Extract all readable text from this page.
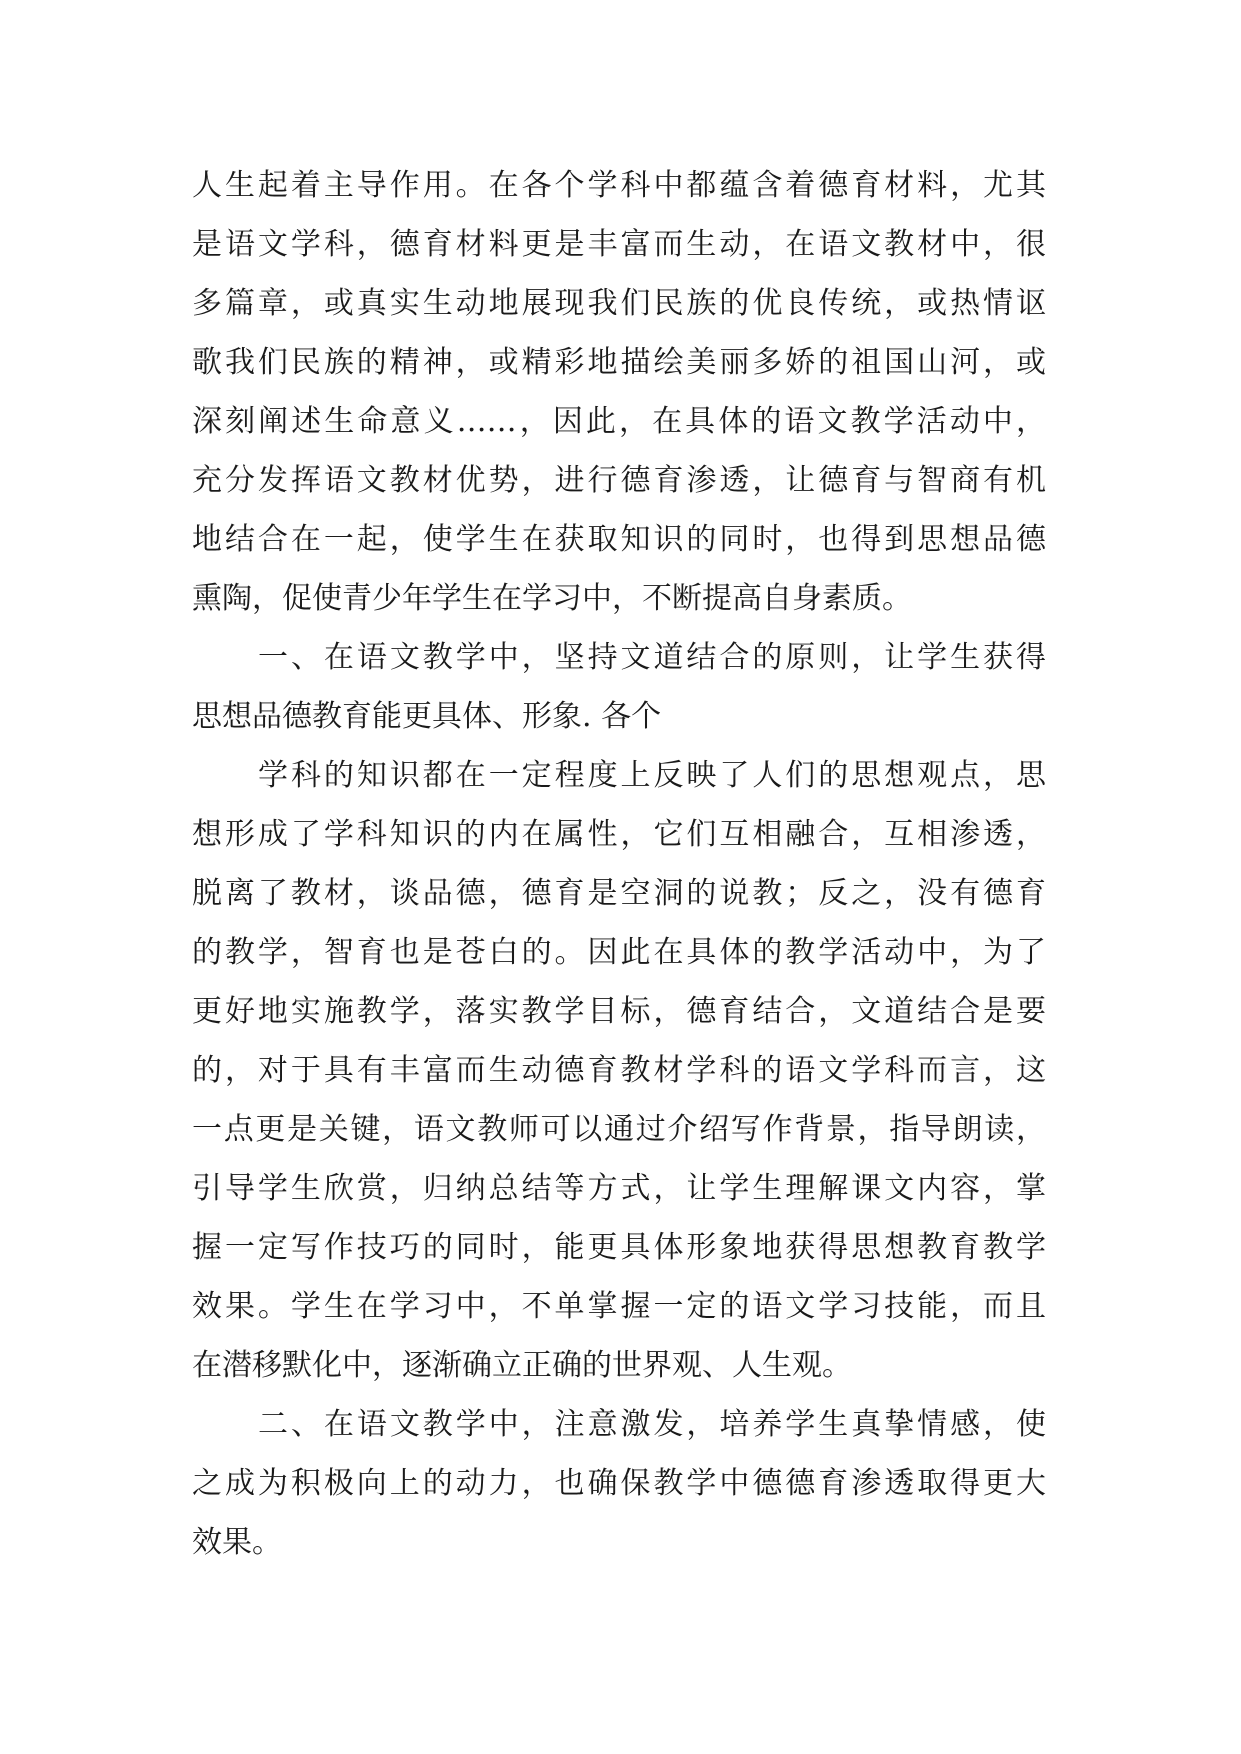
人生起着主导作用。在各个学科中都蕴含着德育材料，尤其
是语文学科，德育材料更是丰富而生动，在语文教材中，很
多篇章，或真实生动地展现我们民族的优良传统，或热情讴
歌我们民族的精神，或精彩地描绘美丽多娇的祖国山河，或
深刻阐述生命意义……，因此，在具体的语文教学活动中，
充分发挥语文教材优势，进行德育渗透，让德育与智商有机
地结合在一起，使学生在获取知识的同时，也得到思想品德
熏陶，促使青少年学生在学习中，不断提高自身素质。
一、在语文教学中，坚持文道结合的原则，让学生获得
思想品德教育能更具体、形象. 各个
学科的知识都在一定程度上反映了人们的思想观点，思
想形成了学科知识的内在属性，它们互相融合，互相渗透，
脱离了教材，谈品德，德育是空洞的说教；反之，没有德育
的教学，智育也是苍白的。因此在具体的教学活动中，为了
更好地实施教学，落实教学目标，德育结合，文道结合是要
的，对于具有丰富而生动德育教材学科的语文学科而言，这
一点更是关键，语文教师可以通过介绍写作背景，指导朗读，
引导学生欣赏，归纳总结等方式，让学生理解课文内容，掌
握一定写作技巧的同时，能更具体形象地获得思想教育教学
效果。学生在学习中，不单掌握一定的语文学习技能，而且
在潜移默化中，逐渐确立正确的世界观、人生观。
二、在语文教学中，注意激发，培养学生真挚情感，使
之成为积极向上的动力，也确保教学中德德育渗透取得更大
效果。
